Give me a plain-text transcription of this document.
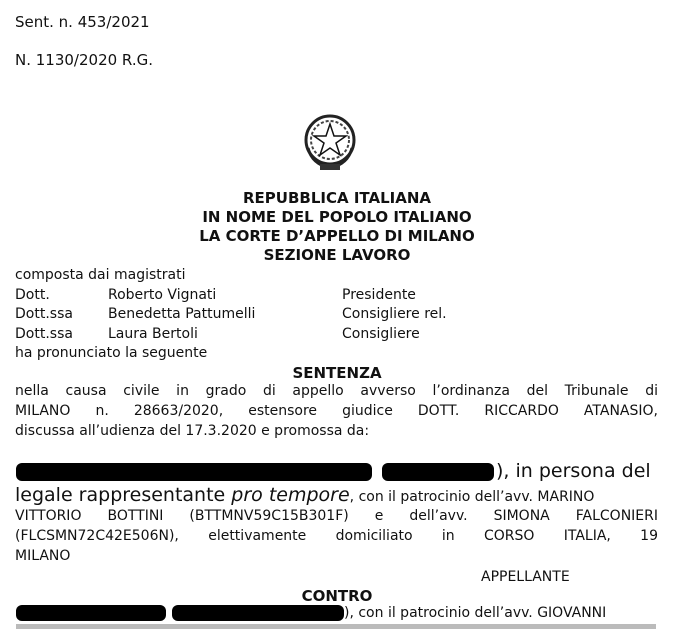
Sent. n. 453/2021
N. 1130/2020 R.G.
REPUBBLICA ITALIANA
IN NOME DEL POPOLO ITALIANO
LA CORTE D’APPELLO DI MILANO
SEZIONE LAVORO
composta dai magistrati
Dott.	Roberto Vignati	Presidente
Dott.ssa	Benedetta Pattumelli	Consigliere rel.
Dott.ssa	Laura Bertoli	Consigliere
ha pronunciato la seguente
SENTENZA
nella causa civile in grado di appello avverso l’ordinanza del Tribunale di
MILANO n. 28663/2020, estensore giudice DOTT. RICCARDO ATANASIO,
discussa all’udienza del 17.3.2020 e promossa da:
), in persona del
legale rappresentante pro tempore, con il patrocinio dell’avv. MARINO
VITTORIO BOTTINI (BTTMNV59C15B301F) e dell’avv. SIMONA FALCONIERI
(FLCSMN72C42E506N), elettivamente domiciliato in CORSO ITALIA, 19
MILANO
APPELLANTE
CONTRO
), con il patrocinio dell’avv. GIOVANNI
